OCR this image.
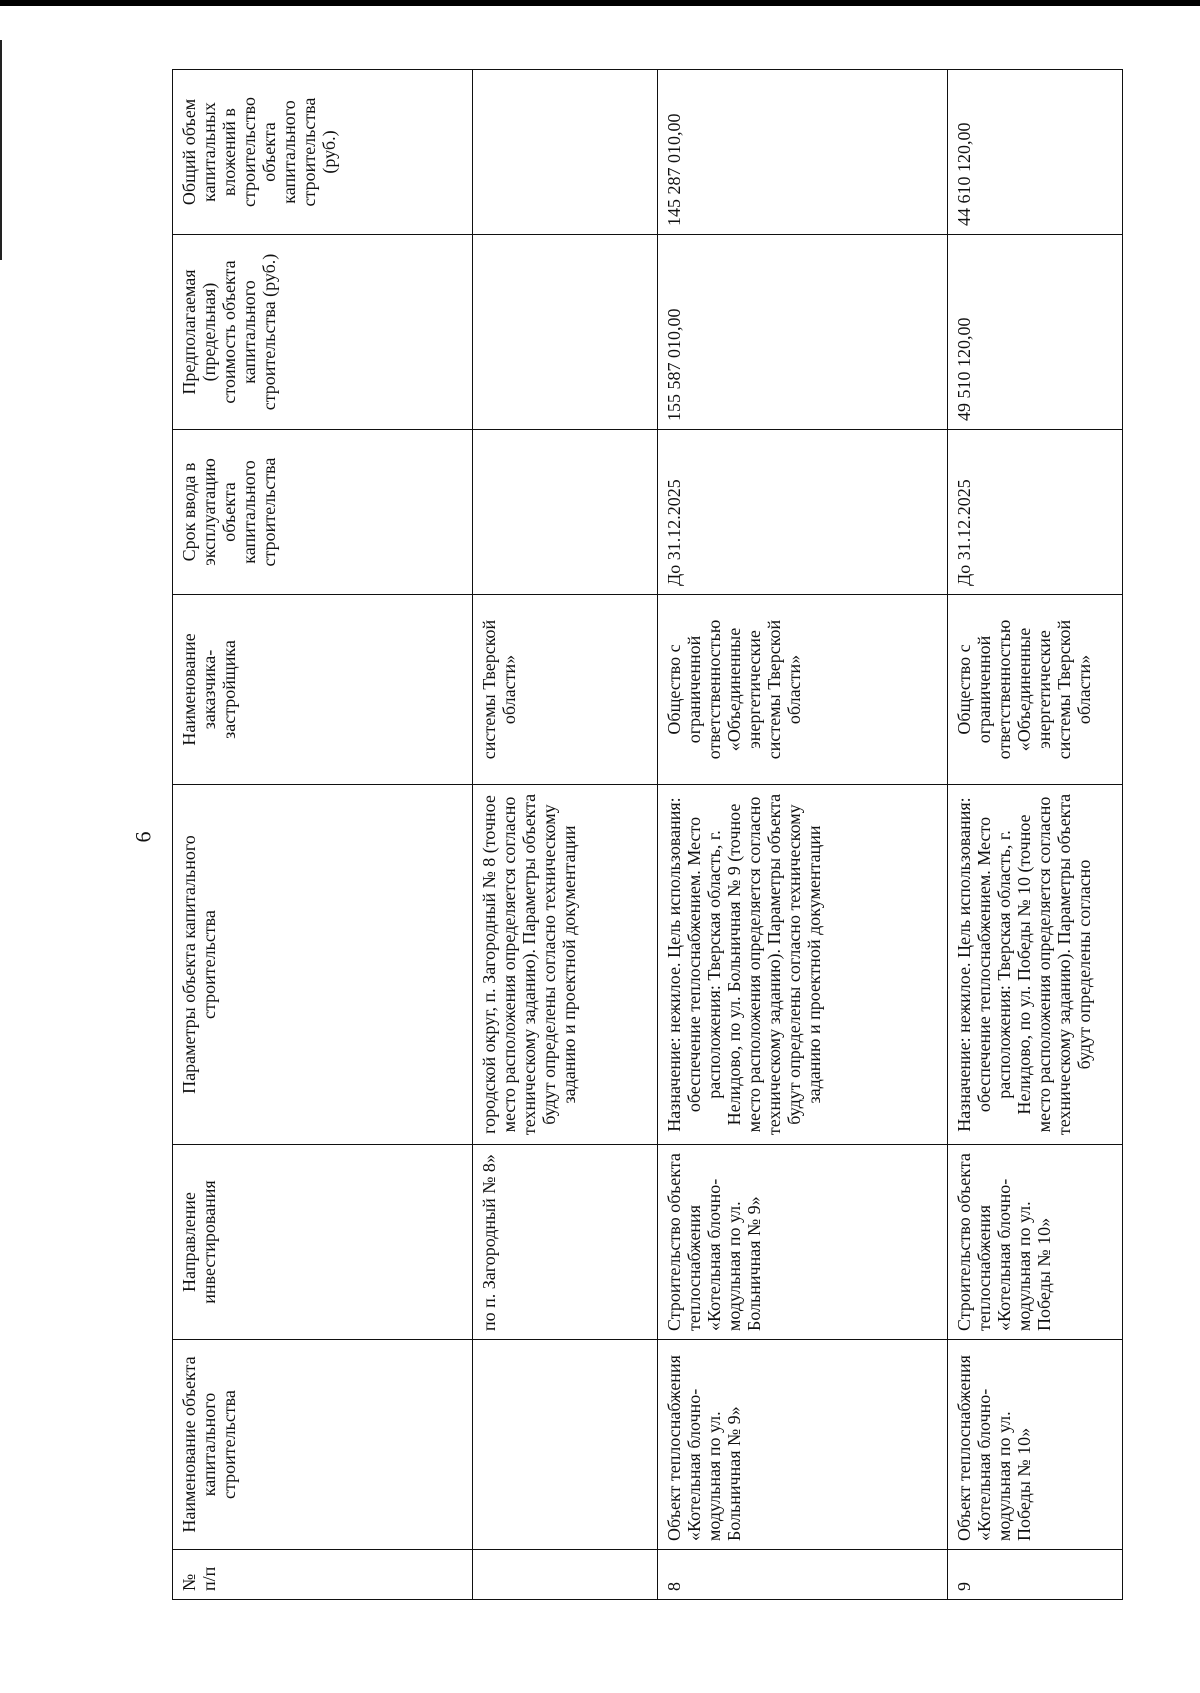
6
№ п/п	Наименование объекта капитального строительства	Направление инвестирования	Параметры объекта капитального строительства	Наименование заказчика-застройщика	Срок ввода в эксплуатацию объекта капитального строительства	Предполагаемая (предельная) стоимость объекта капитального строительства (руб.)	Общий объем капитальных вложений в строительство объекта капитального строительства (руб.)
		по п. Загородный № 8»	городской округ, п. Загородный № 8 (точное место расположения определяется согласно техническому заданию). Параметры объекта будут определены согласно техническому заданию и проектной документации	системы Тверской области»			
8	Объект теплоснабжения «Котельная блочно-модульная по ул. Больничная № 9»	Строительство объекта теплоснабжения «Котельная блочно-модульная по ул. Больничная № 9»	Назначение: нежилое. Цель использования: обеспечение теплоснабжением. Место расположения: Тверская область, г. Нелидово, по ул. Больничная № 9 (точное место расположения определяется согласно техническому заданию). Параметры объекта будут определены согласно техническому заданию и проектной документации	Общество с ограниченной ответственностью «Объединенные энергетические системы Тверской области»	До 31.12.2025	155 587 010,00	145 287 010,00
9	Объект теплоснабжения «Котельная блочно-модульная по ул. Победы № 10»	Строительство объекта теплоснабжения «Котельная блочно-модульная по ул. Победы № 10»	Назначение: нежилое. Цель использования: обеспечение теплоснабжением. Место расположения: Тверская область, г. Нелидово, по ул. Победы № 10 (точное место расположения определяется согласно техническому заданию). Параметры объекта будут определены согласно	Общество с ограниченной ответственностью «Объединенные энергетические системы Тверской области»	До 31.12.2025	49 510 120,00	44 610 120,00
